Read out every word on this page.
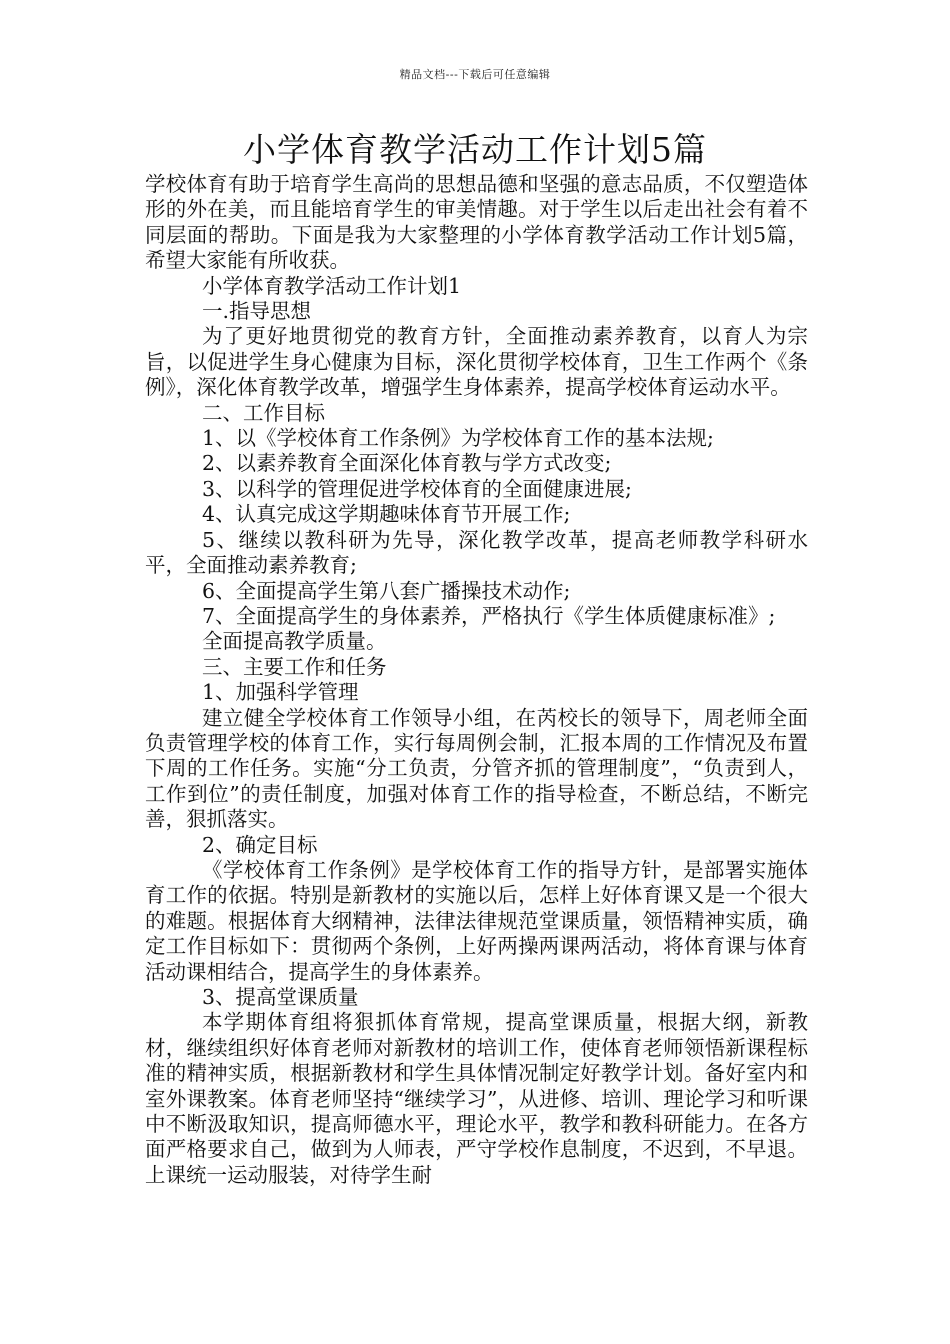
精品文档---下载后可任意编辑
小学体育教学活动工作计划5篇

学校体育有助于培育学生高尚的思想品德和坚强的意志品质，不仅塑造体形的外在美，而且能培育学生的审美情趣。对于学生以后走出社会有着不同层面的帮助。下面是我为大家整理的小学体育教学活动工作计划5篇，希望大家能有所收获。

小学体育教学活动工作计划1

一.指导思想

为了更好地贯彻党的教育方针，全面推动素养教育，以育人为宗旨，以促进学生身心健康为目标，深化贯彻学校体育，卫生工作两个《条例》，深化体育教学改革，增强学生身体素养，提高学校体育运动水平。

二、工作目标

1、以《学校体育工作条例》为学校体育工作的基本法规;

2、以素养教育全面深化体育教与学方式改变;

3、以科学的管理促进学校体育的全面健康进展;

4、认真完成这学期趣味体育节开展工作;

5、继续以教科研为先导，深化教学改革，提高老师教学科研水平，全面推动素养教育;

6、全面提高学生第八套广播操技术动作;

7、全面提高学生的身体素养，严格执行《学生体质健康标准》;

全面提高教学质量。

三、主要工作和任务

1、加强科学管理

建立健全学校体育工作领导小组，在芮校长的领导下，周老师全面负责管理学校的体育工作，实行每周例会制，汇报本周的工作情况及布置下周的工作任务。实施“分工负责，分管齐抓的管理制度”，“负责到人，工作到位”的责任制度，加强对体育工作的指导检查，不断总结，不断完善，狠抓落实。

2、确定目标

《学校体育工作条例》是学校体育工作的指导方针，是部署实施体育工作的依据。特别是新教材的实施以后，怎样上好体育课又是一个很大的难题。根据体育大纲精神，法律法律规范堂课质量，领悟精神实质，确定工作目标如下：贯彻两个条例，上好两操两课两活动，将体育课与体育活动课相结合，提高学生的身体素养。

3、提高堂课质量

本学期体育组将狠抓体育常规，提高堂课质量，根据大纲，新教材，继续组织好体育老师对新教材的培训工作，使体育老师领悟新课程标准的精神实质，根据新教材和学生具体情况制定好教学计划。备好室内和室外课教案。体育老师坚持“继续学习”，从进修、培训、理论学习和听课中不断汲取知识，提高师德水平，理论水平，教学和教科研能力。在各方面严格要求自己，做到为人师表，严守学校作息制度，不迟到，不早退。上课统一运动服装，对待学生耐
